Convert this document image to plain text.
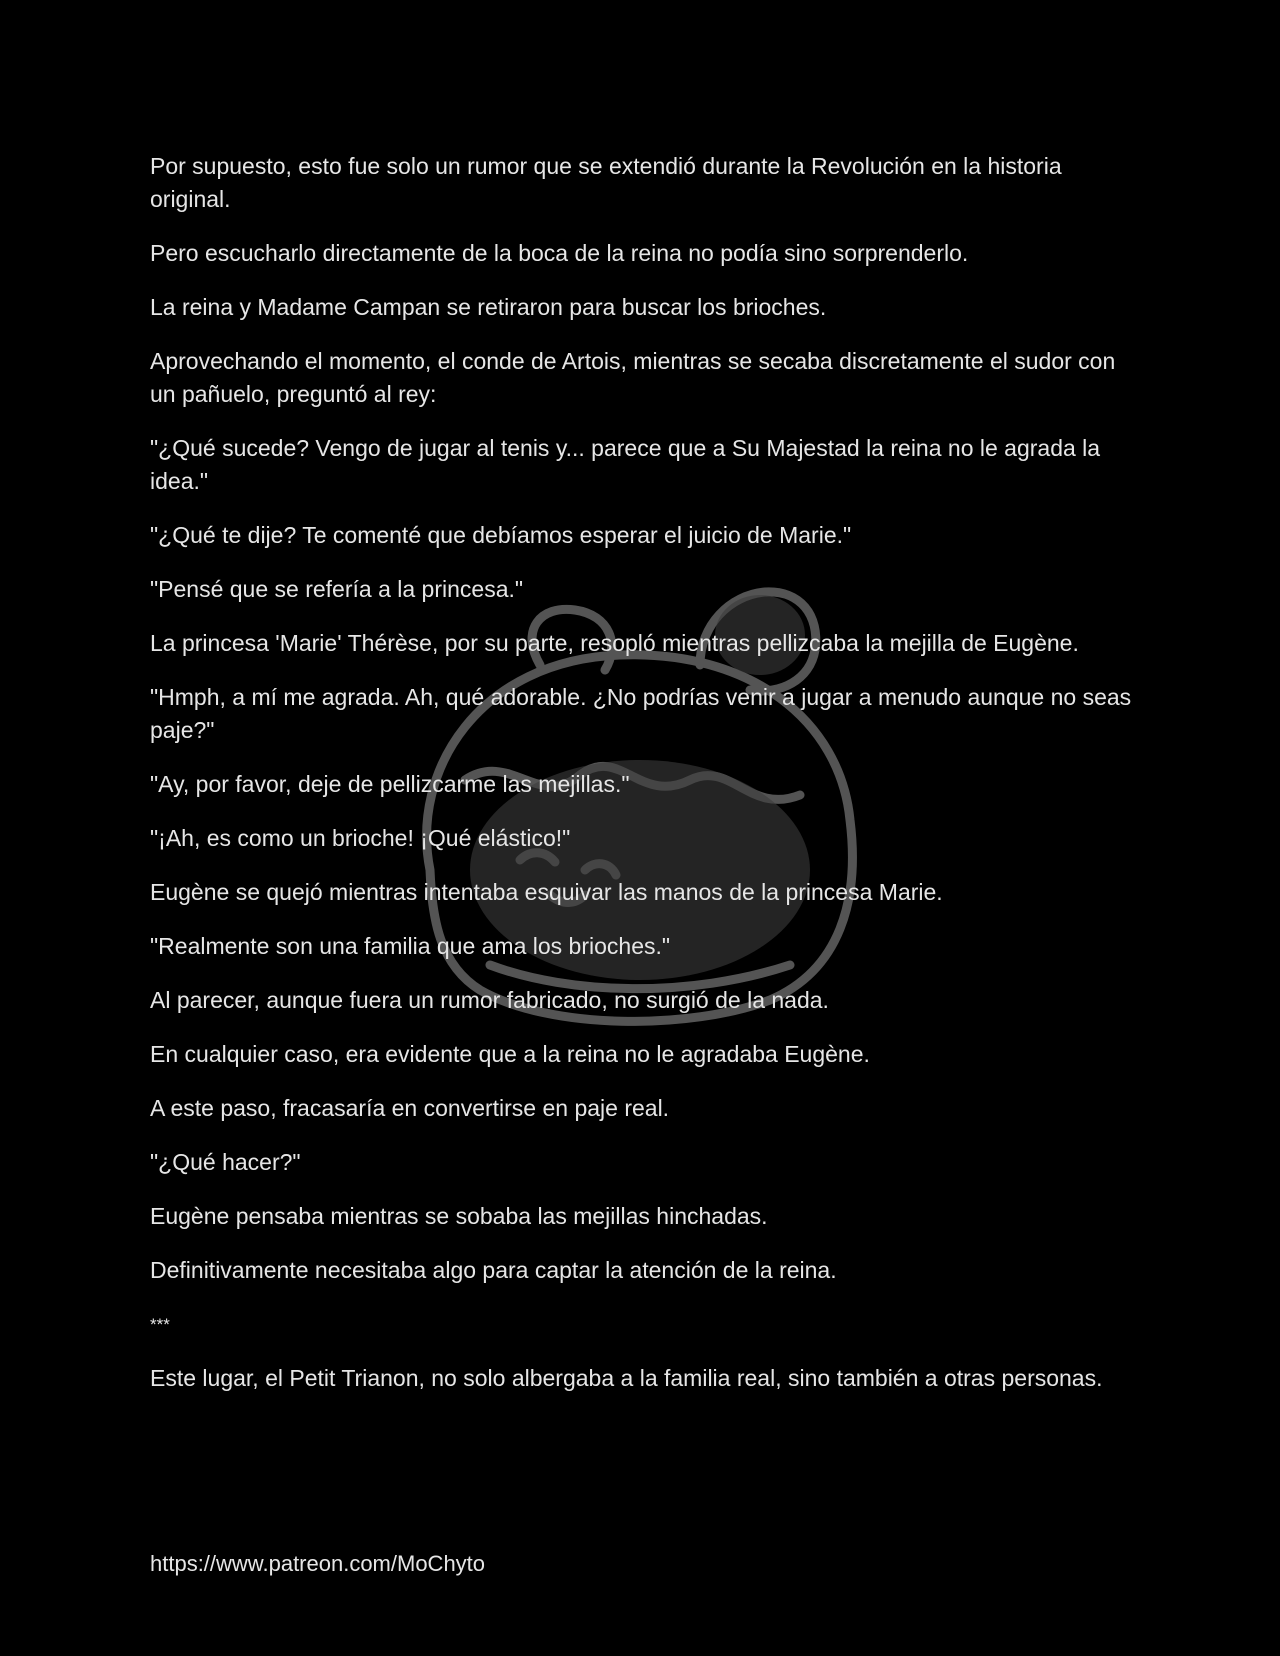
Por supuesto, esto fue solo un rumor que se extendió durante la Revolución en la historia original.

Pero escucharlo directamente de la boca de la reina no podía sino sorprenderlo.

La reina y Madame Campan se retiraron para buscar los brioches.

Aprovechando el momento, el conde de Artois, mientras se secaba discretamente el sudor con un pañuelo, preguntó al rey:

"¿Qué sucede? Vengo de jugar al tenis y... parece que a Su Majestad la reina no le agrada la idea."

"¿Qué te dije? Te comenté que debíamos esperar el juicio de Marie."

"Pensé que se refería a la princesa."

La princesa 'Marie' Thérèse, por su parte, resopló mientras pellizcaba la mejilla de Eugène.

"Hmph, a mí me agrada. Ah, qué adorable. ¿No podrías venir a jugar a menudo aunque no seas paje?"

"Ay, por favor, deje de pellizcarme las mejillas."

"¡Ah, es como un brioche! ¡Qué elástico!"

Eugène se quejó mientras intentaba esquivar las manos de la princesa Marie.

"Realmente son una familia que ama los brioches."

Al parecer, aunque fuera un rumor fabricado, no surgió de la nada.

En cualquier caso, era evidente que a la reina no le agradaba Eugène.

A este paso, fracasaría en convertirse en paje real.

"¿Qué hacer?"

Eugène pensaba mientras se sobaba las mejillas hinchadas.

Definitivamente necesitaba algo para captar la atención de la reina.

***

Este lugar, el Petit Trianon, no solo albergaba a la familia real, sino también a otras personas.

https://www.patreon.com/MoChyto
